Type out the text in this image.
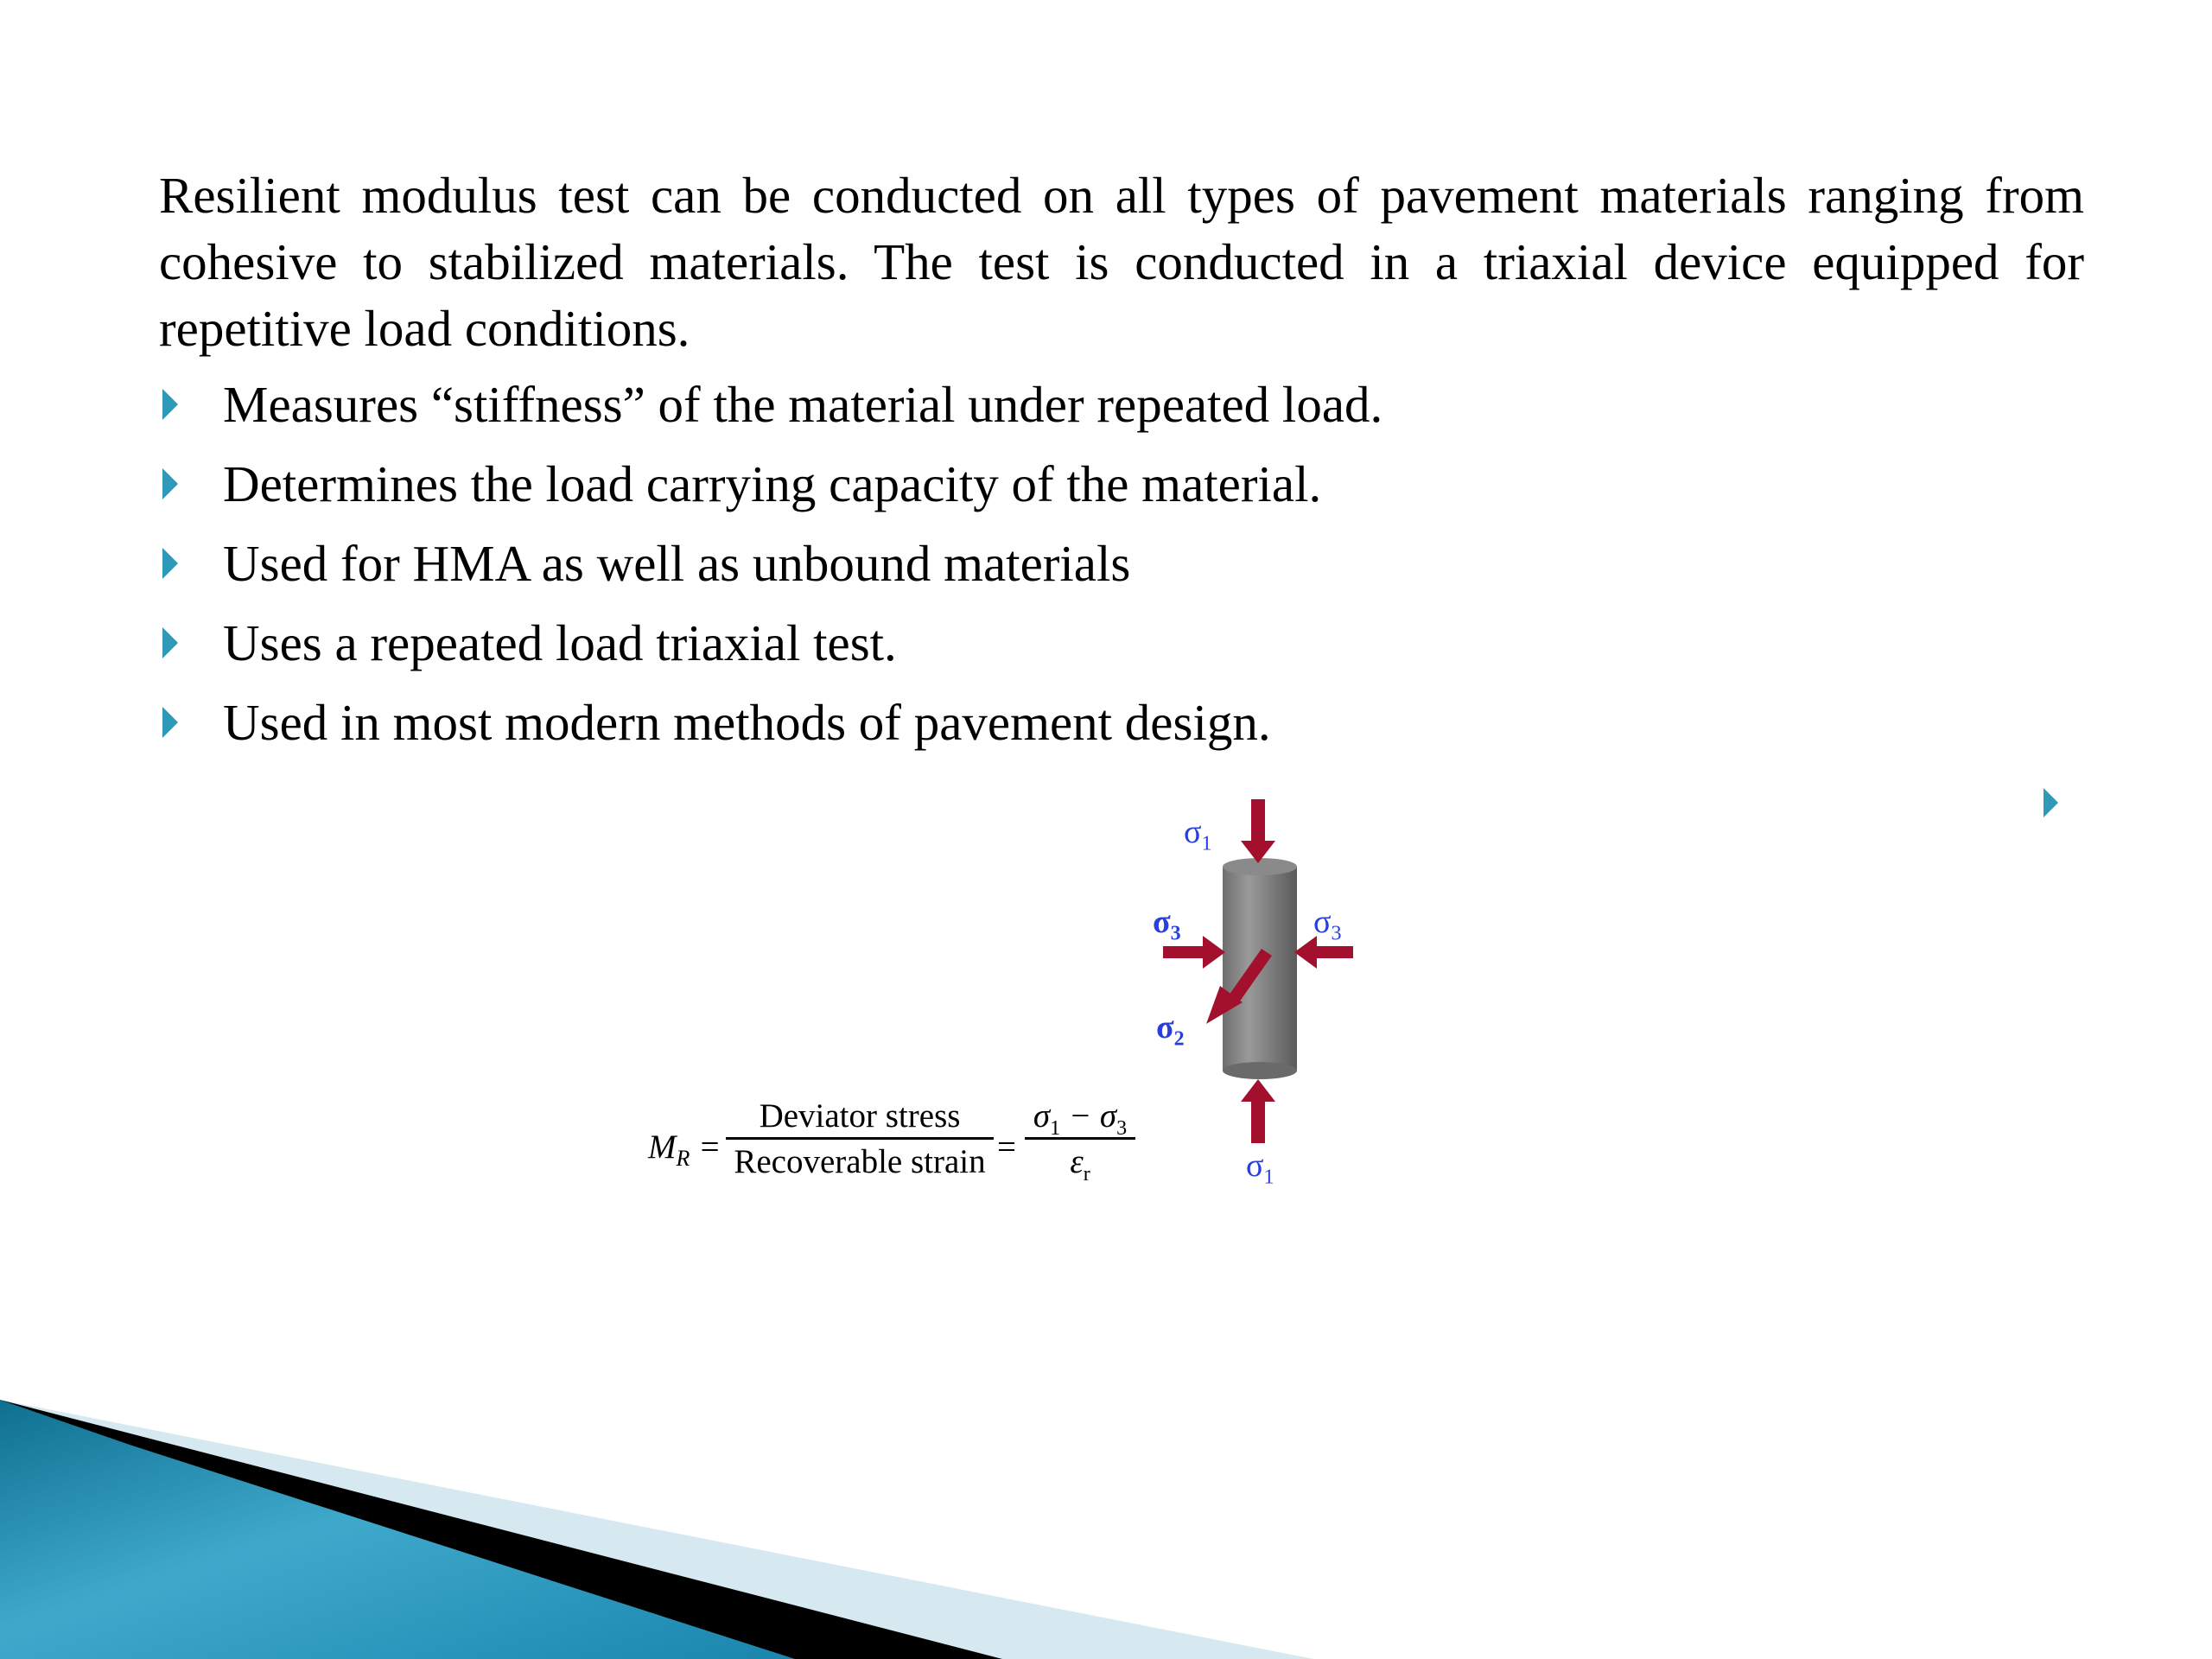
Resilient modulus test can be conducted on all types of pavement materials ranging from cohesive to stabilized materials. The test is conducted in a triaxial device equipped for repetitive load conditions.

Measures “stiffness” of the material under repeated load.
Determines the load carrying capacity of the material.
Used for HMA as well as unbound materials
Uses a repeated load triaxial test.
Used in most modern methods of pavement design.
$M_R$ =
Deviator stress
Recoverable strain =
$\sigma_1 - \sigma_3$
$\varepsilon_r$
$\sigma_1$
$\sigma_3$	$\sigma_3$
$\sigma_2$
$\sigma_1$
